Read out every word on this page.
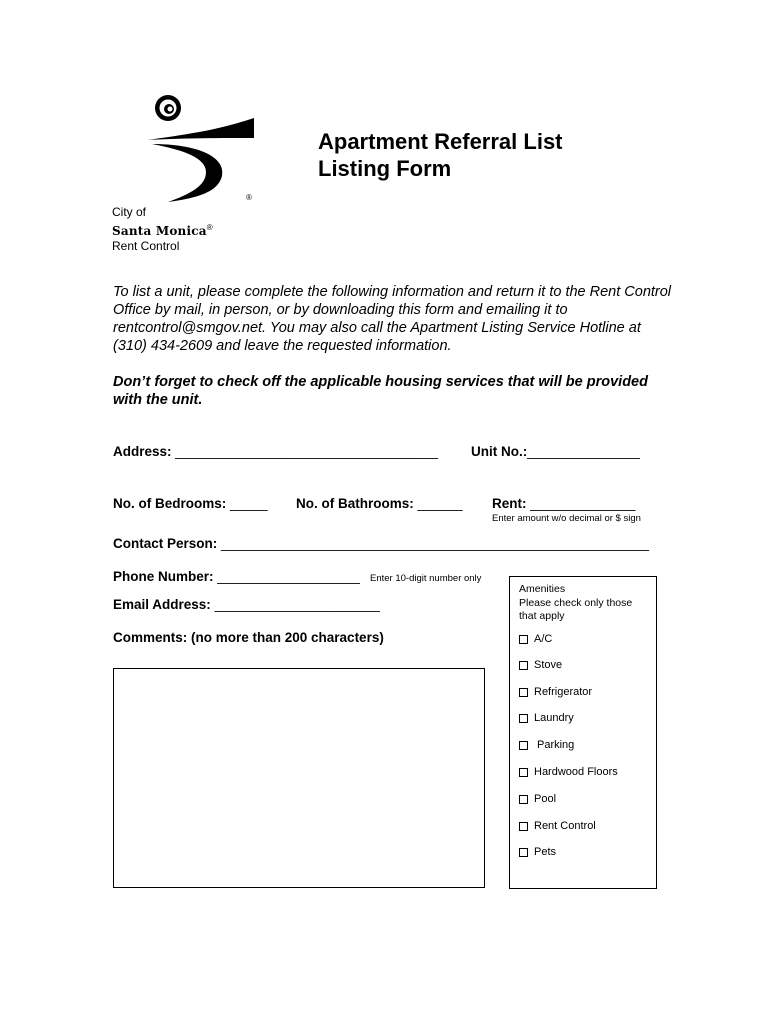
®
City of
Santa Monica®
Rent Control
Apartment Referral List
Listing Form
To list a unit, please complete the following information and return it to the Rent Control Office by mail, in person, or by downloading this form and emailing it to rentcontrol@smgov.net. You may also call the Apartment Listing Service Hotline at (310) 434-2609 and leave the requested information.
Don’t forget to check off the applicable housing services that will be provided with the unit.
Address: ___________________________________ Unit No.:_______________
No. of Bedrooms: _____ No. of Bathrooms: ______ Rent: ______________
Enter amount w/o decimal or $ sign
Contact Person: _________________________________________________________
Phone Number: ___________________ Enter 10-digit number only
Email Address: ______________________
Comments: (no more than 200 characters)
Amenities
Please check only those
that apply
A/C
Stove
Refrigerator
Laundry
Parking
Hardwood Floors
Pool
Rent Control
Pets
